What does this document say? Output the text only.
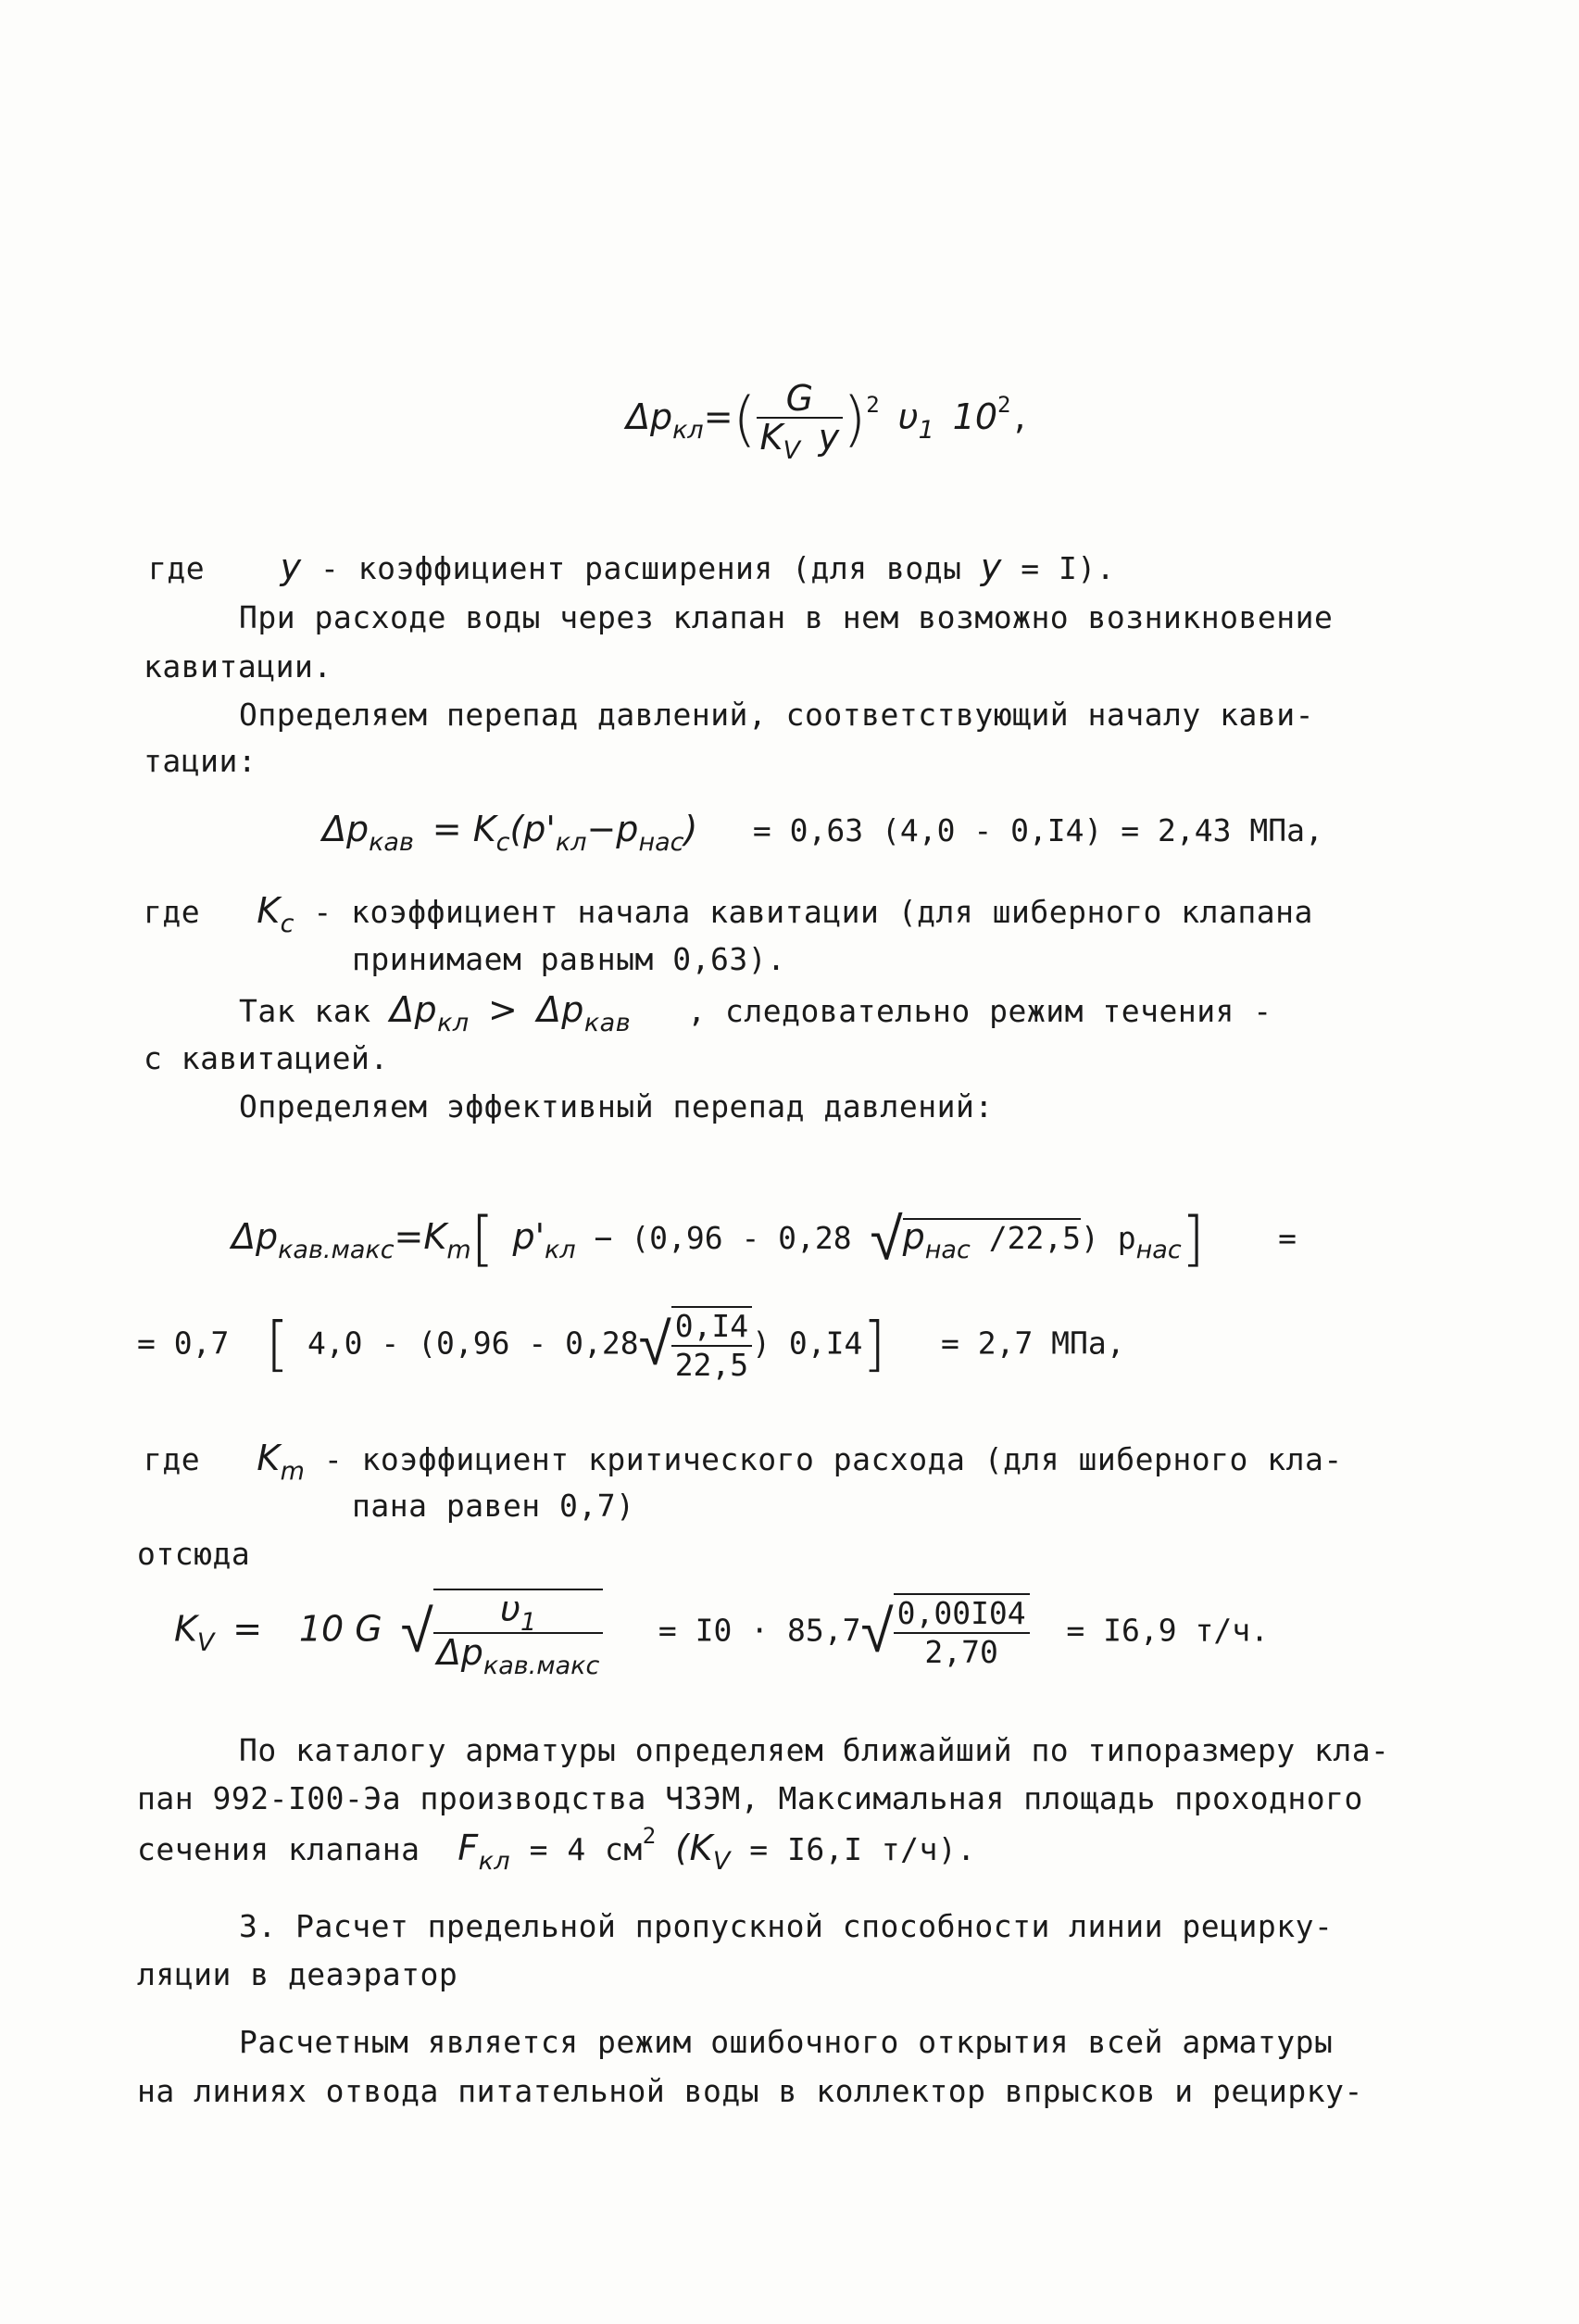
$\Delta p_{кл}=( \frac{G}{K_V y} )^2$ $\upsilon_1$ $10^2$,
где y - коэффициент расширения (для воды y = I).
При расходе воды через клапан в нем возможно возникновение
кавитации.
Определяем перепад давлений, соответствующий началу кави-
тации:
$\Delta p_{кав} = K_c(p'_{кл}-p_{нас}) = 0,63$ (4,0 - 0,I4) = 2,43 МПа,
где $K_c$ - коэффициент начала кавитации (для шиберного клапана
принимаем равным 0,63).
Так как $\Delta p_{кл} > \Delta p_{кав}$ , следовательно режим течения -
с кавитацией.
Определяем эффективный перепад давлений:
$\Delta p_{кав.макс}=K_m$[ $p'_{кл} - (0,96 - 0,28$ $√p_{нас}$ /22,5) $p_{нас}$] =
= 0,7 [ $4,0 - (0,96 - 0,28√ \frac{0,I4}{22,5}$ ) 0,I4] = 2,7 МПа,
где $K_m$ - коэффициент критического расхода (для шиберного кла-
пана равен 0,7)
отсюда
$K_V = 10$ G √ $\frac{\upsilon_1}{\Delta p_{кав.макс}} = I0 \cdot 85,7√ \frac{0,00I04}{2,70} = I6,9$ т/ч.
По каталогу арматуры определяем ближайший по типоразмеру кла-
пан 992-I00-Эа производства ЧЗЭМ, Максимальная площадь проходного
сечения клапана $F_{кл} = 4$ $см^2$ ($K_V = I6,I$ т/ч).
3. Расчет предельной пропускной способности линии рецирку-
ляции в деаэратор
Расчетным является режим ошибочного открытия всей арматуры
на линиях отвода питательной воды в коллектор впрысков и рецирку-
